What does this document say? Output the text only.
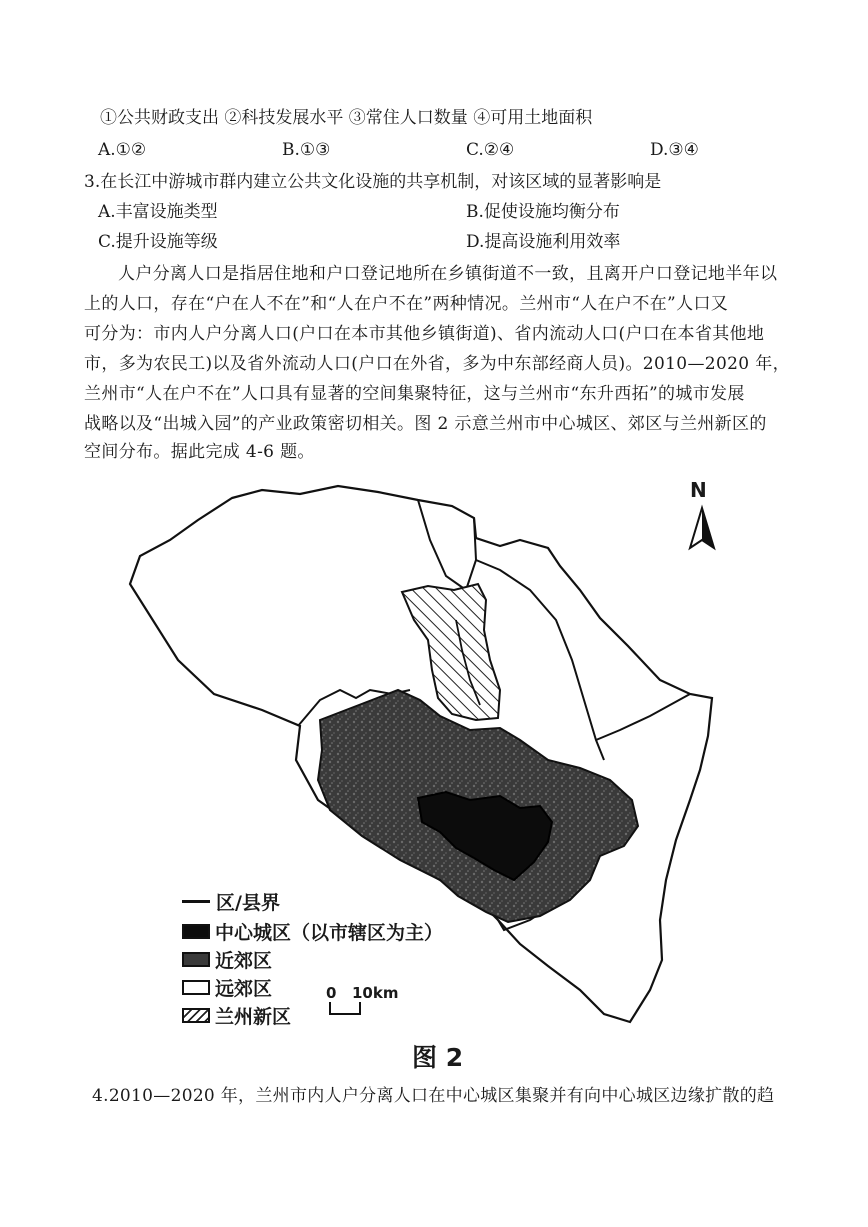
①公共财政支出 ②科技发展水平 ③常住人口数量 ④可用土地面积
A.①②	B.①③	C.②④	D.③④
3.在长江中游城市群内建立公共文化设施的共享机制，对该区域的显著影响是
A.丰富设施类型	B.促使设施均衡分布
C.提升设施等级	D.提高设施利用效率
人户分离人口是指居住地和户口登记地所在乡镇街道不一致，且离开户口登记地半年以
上的人口，存在“户在人不在”和“人在户不在”两种情况。兰州市“人在户不在”人口又
可分为：市内人户分离人口(户口在本市其他乡镇街道)、省内流动人口(户口在本省其他地
市，多为农民工)以及省外流动人口(户口在外省，多为中东部经商人员)。2010—2020 年，
兰州市“人在户不在”人口具有显著的空间集聚特征，这与兰州市“东升西拓”的城市发展
战略以及“出城入园”的产业政策密切相关。图 2 示意兰州市中心城区、郊区与兰州新区的
空间分布。据此完成 4-6 题。
N
区/县界
中心城区（以市辖区为主）
近郊区
远郊区
兰州新区
0 10km
图 2
4.2010—2020 年，兰州市内人户分离人口在中心城区集聚并有向中心城区边缘扩散的趋
